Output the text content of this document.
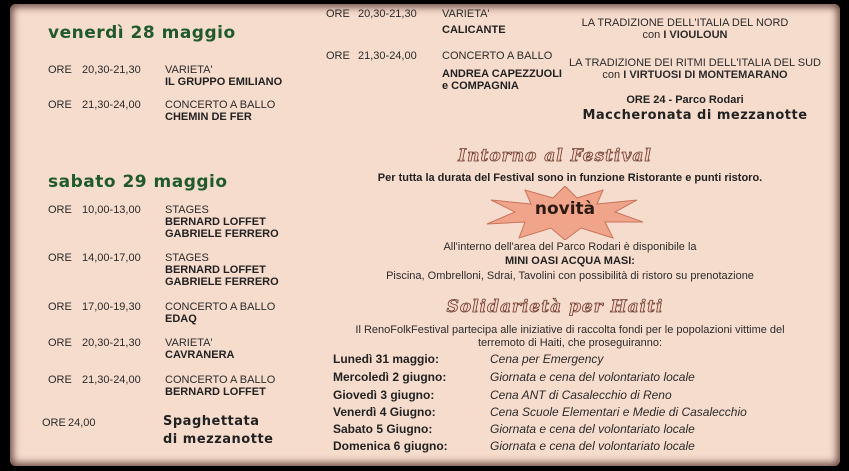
venerdì 28 maggio
ORE 20,30-21,30 VARIETA'
IL GRUPPO EMILIANO
ORE 21,30-24,00 CONCERTO A BALLO
CHEMIN DE FER
sabato 29 maggio
ORE 10,00-13,00 STAGES
BERNARD LOFFET
GABRIELE FERRERO
ORE 14,00-17,00 STAGES
BERNARD LOFFET
GABRIELE FERRERO
ORE 17,00-19,30 CONCERTO A BALLO
EDAQ
ORE 20,30-21,30 VARIETA'
CAVRANERA
ORE 21,30-24,00 CONCERTO A BALLO
BERNARD LOFFET
ORE 24,00	Spaghettata
di mezzanotte
ORE 20,30-21,30 VARIETA'
CALICANTE
ORE 21,30-24,00 CONCERTO A BALLO
ANDREA CAPEZZUOLI
e COMPAGNIA
LA TRADIZIONE DELL'ITALIA DEL NORD
con I VIOULOUN
LA TRADIZIONE DEI RITMI DELL'ITALIA DEL SUD
con I VIRTUOSI DI MONTEMARANO
ORE 24 - Parco Rodari
Maccheronata di mezzanotte
Intorno al Festival
Per tutta la durata del Festival sono in funzione Ristorante e punti ristoro.
novità
All'interno dell'area del Parco Rodari è disponibile la
MINI OASI ACQUA MASI:
Piscina, Ombrelloni, Sdrai, Tavolini con possibilità di ristoro su prenotazione
Solidarietà per Haiti
Il RenoFolkFestival partecipa alle iniziative di raccolta fondi per le popolazioni vittime del
terremoto di Haiti, che proseguiranno:
Lunedì 31 maggio:	Cena per Emergency
Mercoledì 2 giugno:	Giornata e cena del volontariato locale
Giovedì 3 giugno:	Cena ANT di Casalecchio di Reno
Venerdì 4 Giugno:	Cena Scuole Elementari e Medie di Casalecchio
Sabato 5 Giugno:	Giornata e cena del volontariato locale
Domenica 6 giugno:	Giornata e cena del volontariato locale
